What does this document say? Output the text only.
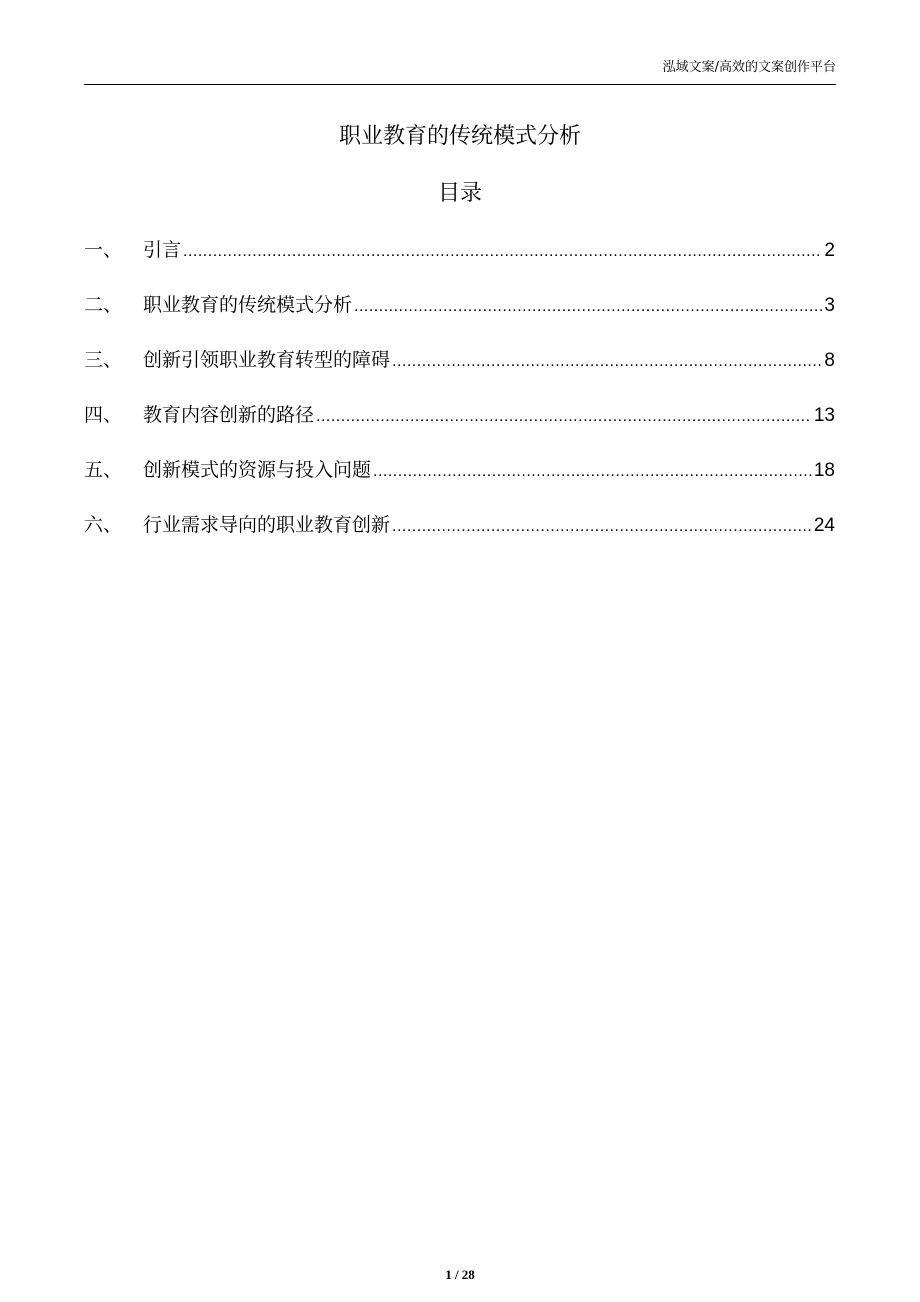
泓域文案/高效的文案创作平台
职业教育的传统模式分析
目录
一、	引言 .....	2
二、	职业教育的传统模式分析 .....	3
三、	创新引领职业教育转型的障碍 .....	8
四、	教育内容创新的路径 .....	13
五、	创新模式的资源与投入问题 .....	18
六、	行业需求导向的职业教育创新 .....	24
1 / 28
